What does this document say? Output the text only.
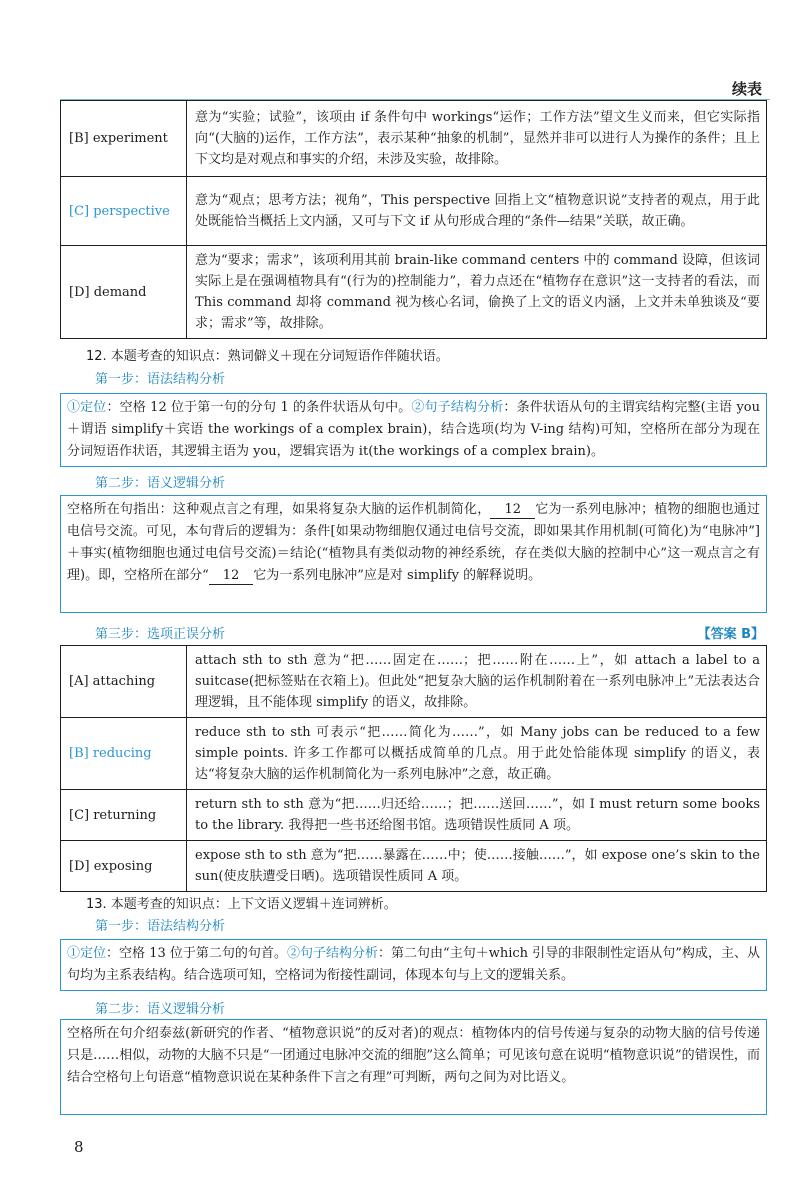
续表
[B] experiment	意为“实验；试验”，该项由 if 条件句中 workings“运作；工作方法”望文生义而来，但它实际指向“(大脑的)运作，工作方法”，表示某种“抽象的机制”，显然并非可以进行人为操作的条件；且上下文均是对观点和事实的介绍，未涉及实验，故排除。
[C] perspective	意为“观点；思考方法；视角”，This perspective 回指上文“植物意识说”支持者的观点，用于此处既能恰当概括上文内涵，又可与下文 if 从句形成合理的“条件—结果”关联，故正确。
[D] demand	意为“要求；需求”，该项利用其前 brain-like command centers 中的 command 设障，但该词实际上是在强调植物具有“(行为的)控制能力”，着力点还在“植物存在意识”这一支持者的看法，而 This command 却将 command 视为核心名词，偷换了上文的语义内涵，上文并未单独谈及“要求；需求”等，故排除。
12. 本题考查的知识点：熟词僻义＋现在分词短语作伴随状语。
第一步：语法结构分析
①定位：空格 12 位于第一句的分句 1 的条件状语从句中。②句子结构分析：条件状语从句的主谓宾结构完整(主语 you＋谓语 simplify＋宾语 the workings of a complex brain)，结合选项(均为 V-ing 结构)可知，空格所在部分为现在分词短语作状语，其逻辑主语为 you，逻辑宾语为 it(the workings of a complex brain)。
第二步：语义逻辑分析
空格所在句指出：这种观点言之有理，如果将复杂大脑的运作机制简化， 12 它为一系列电脉冲；植物的细胞也通过电信号交流。可见，本句背后的逻辑为：条件[如果动物细胞仅通过电信号交流，即如果其作用机制(可简化)为“电脉冲”]＋事实(植物细胞也通过电信号交流)＝结论(“植物具有类似动物的神经系统，存在类似大脑的控制中心”这一观点言之有理)。即，空格所在部分“ 12 它为一系列电脉冲”应是对 simplify 的解释说明。
第三步：选项正误分析	【答案 B】
[A] attaching	attach sth to sth 意为“把……固定在……；把……附在……上”，如 attach a label to a suitcase(把标签贴在衣箱上)。但此处“把复杂大脑的运作机制附着在一系列电脉冲上”无法表达合理逻辑，且不能体现 simplify 的语义，故排除。
[B] reducing	reduce sth to sth 可表示“把……简化为……”，如 Many jobs can be reduced to a few simple points. 许多工作都可以概括成简单的几点。用于此处恰能体现 simplify 的语义，表达“将复杂大脑的运作机制简化为一系列电脉冲”之意，故正确。
[C] returning	return sth to sth 意为“把……归还给……；把……送回……”，如 I must return some books to the library. 我得把一些书还给图书馆。选项错误性质同 A 项。
[D] exposing	expose sth to sth 意为“把……暴露在……中；使……接触……”，如 expose one’s skin to the sun(使皮肤遭受日晒)。选项错误性质同 A 项。
13. 本题考查的知识点：上下文语义逻辑＋连词辨析。
第一步：语法结构分析
①定位：空格 13 位于第二句的句首。②句子结构分析：第二句由“主句＋which 引导的非限制性定语从句”构成，主、从句均为主系表结构。结合选项可知，空格词为衔接性副词，体现本句与上文的逻辑关系。
第二步：语义逻辑分析
空格所在句介绍泰兹(新研究的作者、“植物意识说”的反对者)的观点：植物体内的信号传递与复杂的动物大脑的信号传递只是……相似，动物的大脑不只是“一团通过电脉冲交流的细胞”这么简单；可见该句意在说明“植物意识说”的错误性，而结合空格句上句语意“植物意识说在某种条件下言之有理”可判断，两句之间为对比语义。
8
